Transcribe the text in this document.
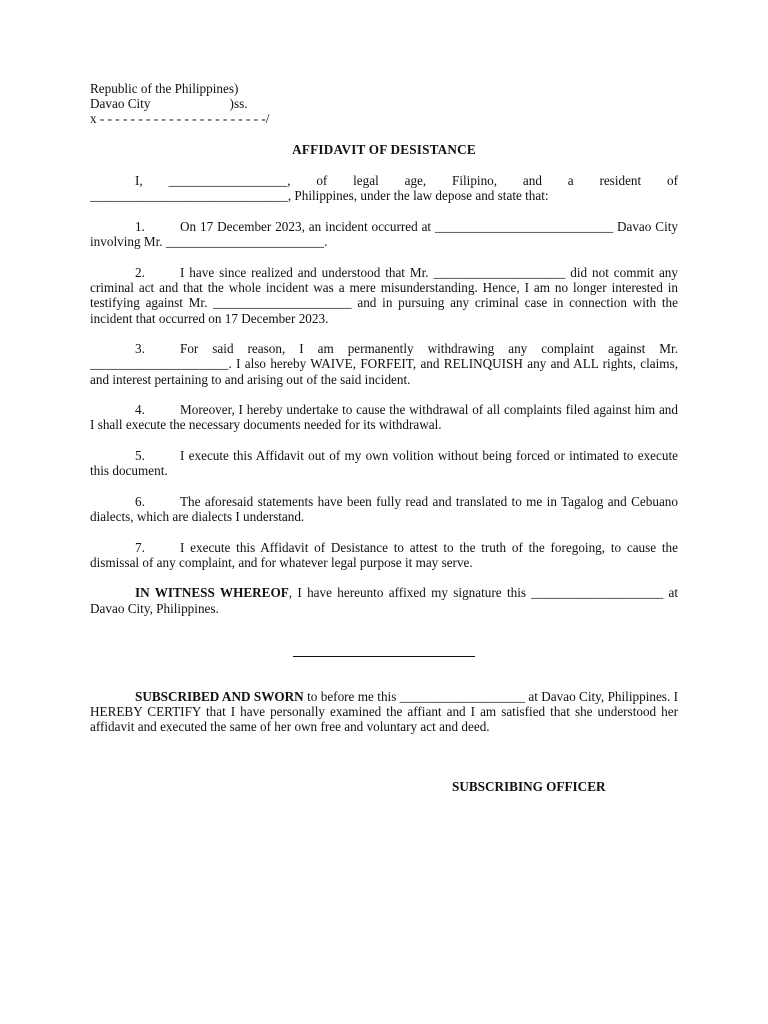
Republic of the Philippines)
Davao City                        )ss.
x - - - - - - - - - - - - - - - - - - - - - -/
AFFIDAVIT OF DESISTANCE

I, __________________, of legal age, Filipino, and a resident of ______________________________, Philippines, under the law depose and state that:

1.	On 17 December 2023, an incident occurred at ___________________________ Davao City involving Mr. ________________________.

2.	I have since realized and understood that Mr. ____________________ did not commit any criminal act and that the whole incident was a mere misunderstanding. Hence, I am no longer interested in testifying against Mr. _____________________ and in pursuing any criminal case in connection with the incident that occurred on 17 December 2023.

3.	For said reason, I am permanently withdrawing any complaint against Mr. _____________________. I also hereby WAIVE, FORFEIT, and RELINQUISH any and ALL rights, claims, and interest pertaining to and arising out of the said incident.

4.	Moreover, I hereby undertake to cause the withdrawal of all complaints filed against him and I shall execute the necessary documents needed for its withdrawal.

5.	I execute this Affidavit out of my own volition without being forced or intimated to execute this document.

6.	The aforesaid statements have been fully read and translated to me in Tagalog and Cebuano dialects, which are dialects I understand.

7.	I execute this Affidavit of Desistance to attest to the truth of the foregoing, to cause the dismissal of any complaint, and for whatever legal purpose it may serve.

IN WITNESS WHEREOF, I have hereunto affixed my signature this ____________________ at Davao City, Philippines.

SUBSCRIBED AND SWORN to before me this ___________________ at Davao City, Philippines. I HEREBY CERTIFY that I have personally examined the affiant and I am satisfied that she understood her affidavit and executed the same of her own free and voluntary act and deed.

SUBSCRIBING OFFICER
